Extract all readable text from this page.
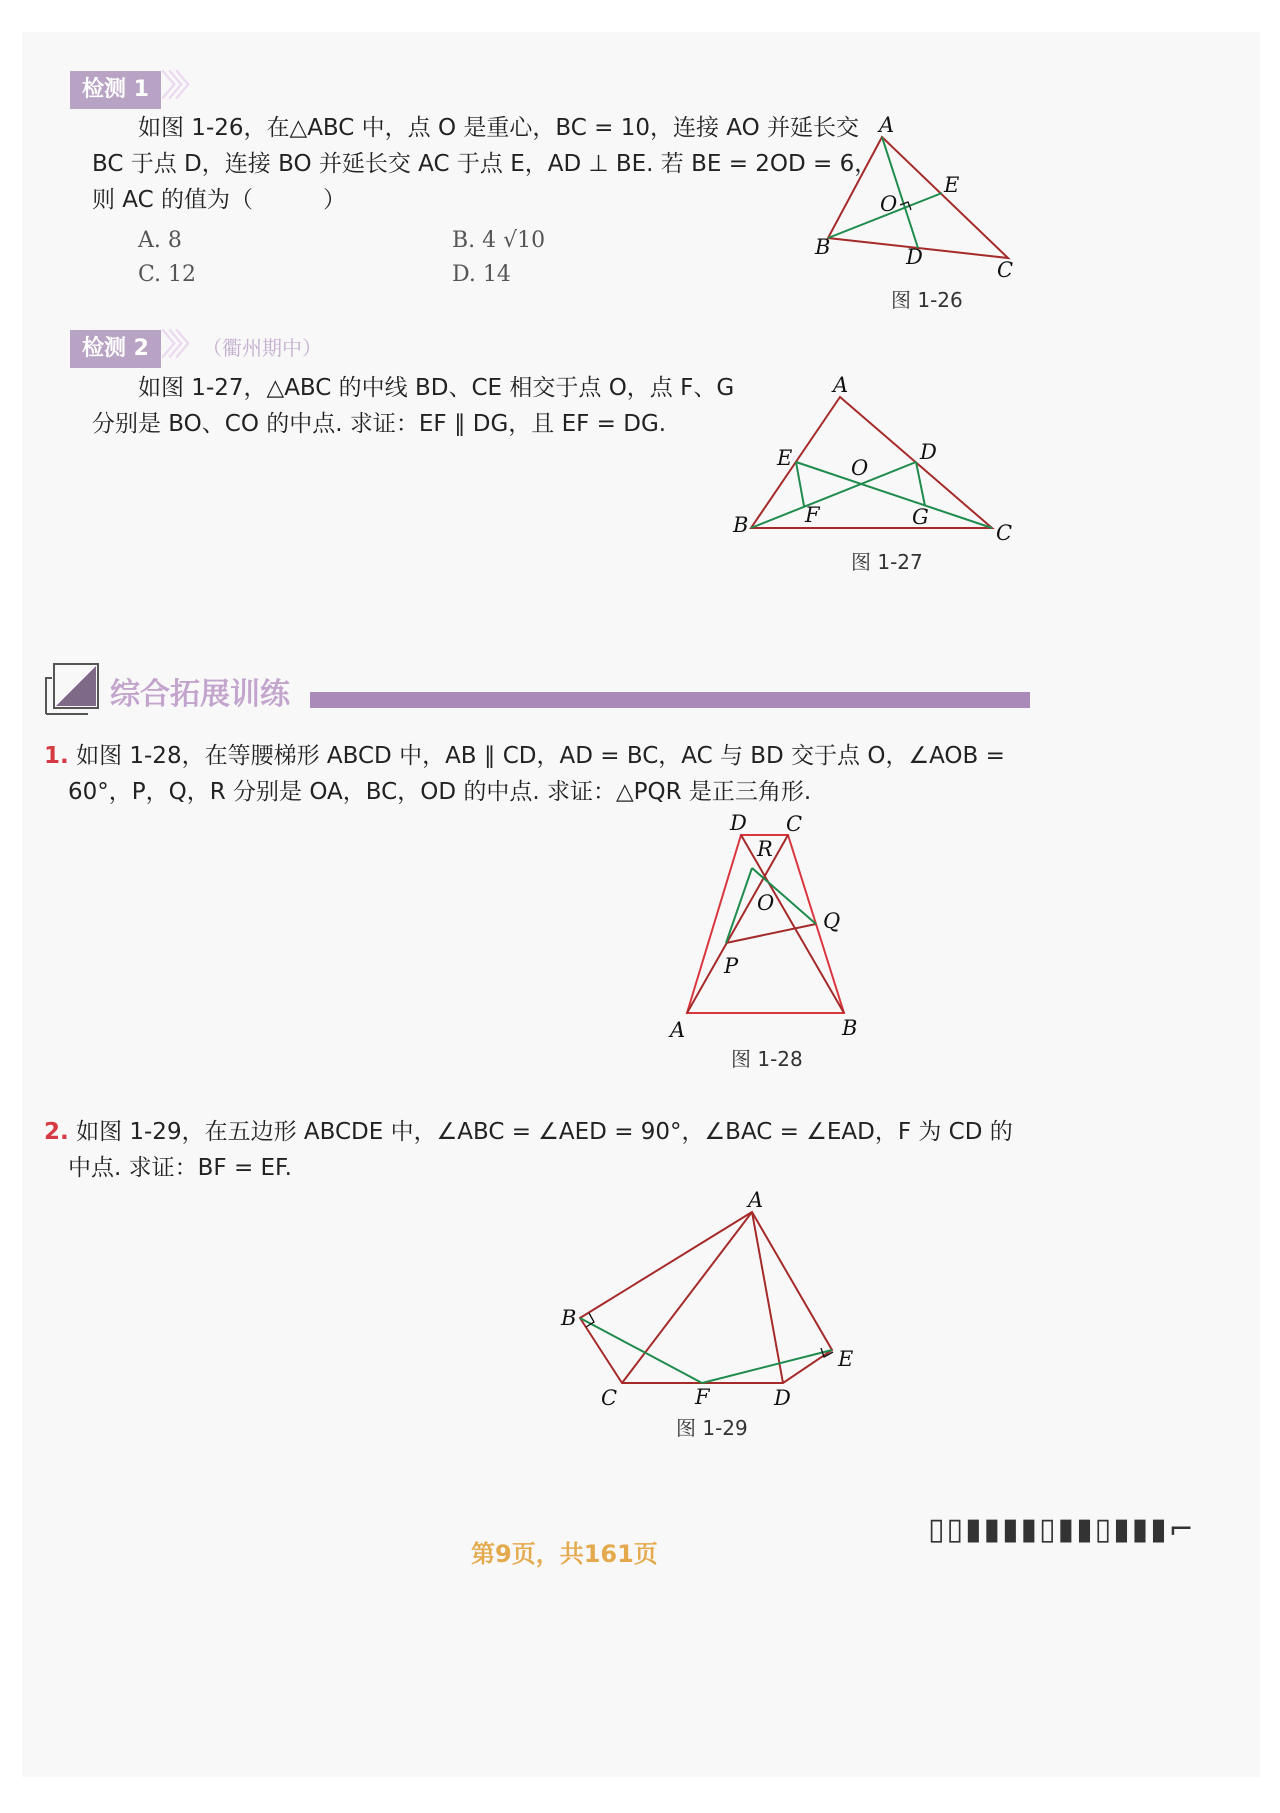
检测 1 〉〉〉
如图 1-26，在△ABC 中，点 O 是重心，BC = 10，连接 AO 并延长交
BC 于点 D，连接 BO 并延长交 AC 于点 E，AD ⊥ BE. 若 BE = 2OD = 6，
则 AC 的值为（	）
A. 8	B. 4 √10
C. 12	D. 14
A
E
O
B	D
C
图 1-26
检测 2 〉〉〉 （衢州期中）
如图 1-27，△ABC 的中线 BD、CE 相交于点 O，点 F、G
分别是 BO、CO 的中点. 求证：EF ∥ DG，且 EF = DG.
A
E	D
O
B	F	G
C
图 1-27
综合拓展训练
1. 如图 1-28，在等腰梯形 ABCD 中，AB ∥ CD，AD = BC，AC 与 BD 交于点 O，∠AOB =
60°，P，Q，R 分别是 OA，BC，OD 的中点. 求证：△PQR 是正三角形.
D C
R
O
Q
P
A	B
图 1-28
2. 如图 1-29，在五边形 ABCDE 中，∠ABC = ∠AED = 90°，∠BAC = ∠EAD，F 为 CD 的
中点. 求证：BF = EF.
A
B
E
C	F	D
图 1-29
▯▯▮▮▮▮▯▮▮▯▮▮▮⌐
第9页，共161页
